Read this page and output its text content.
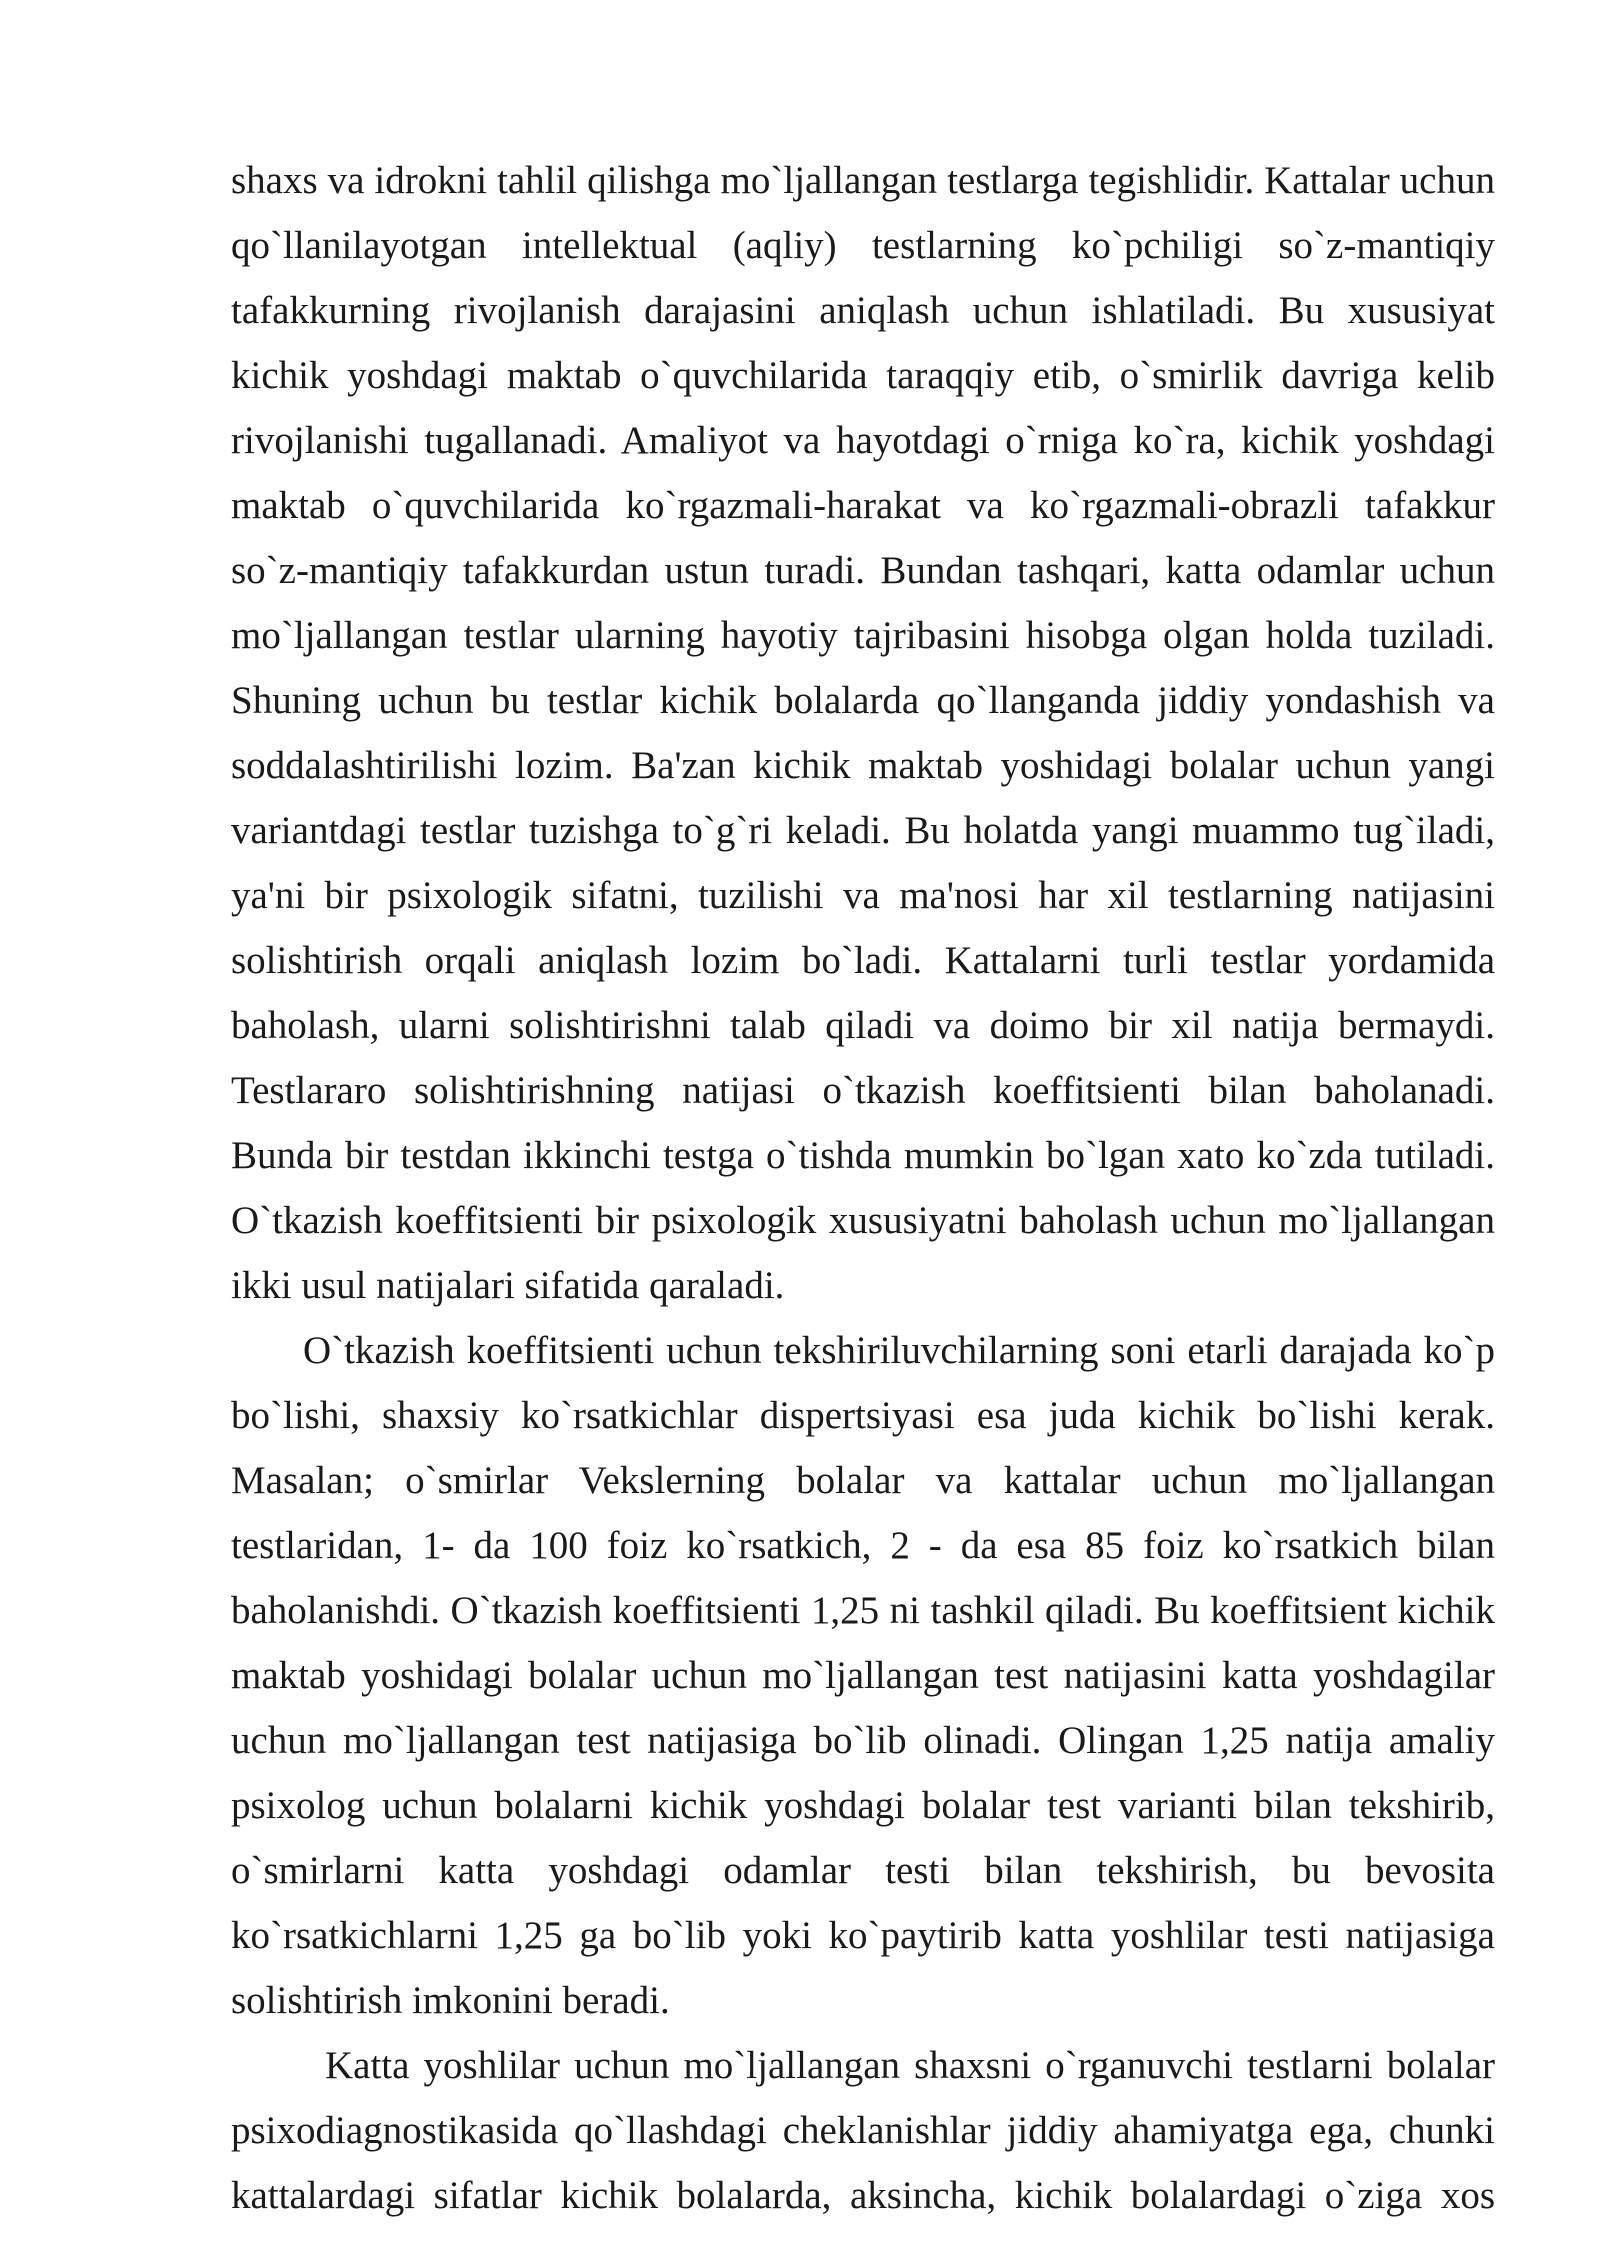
shaxs va idrokni tahlil qilishga mo`ljallangan testlarga tegishlidir. Kattalar uchun qo`llanilayotgan intellektual (aqliy) testlarning ko`pchiligi so`z-mantiqiy tafakkurning rivojlanish darajasini aniqlash uchun ishlatiladi. Bu xususiyat kichik yoshdagi maktab o`quvchilarida taraqqiy etib, o`smirlik davriga kelib rivojlanishi tugallanadi. Amaliyot va hayotdagi o`rniga ko`ra, kichik yoshdagi maktab o`quvchilarida ko`rgazmali-harakat va ko`rgazmali-obrazli tafakkur so`z-mantiqiy tafakkurdan ustun turadi. Bundan tashqari, katta odamlar uchun mo`ljallangan testlar ularning hayotiy tajribasini hisobga olgan holda tuziladi. Shuning uchun bu testlar kichik bolalarda qo`llanganda jiddiy yondashish va soddalashtirilishi lozim. Ba'zan kichik maktab yoshidagi bolalar uchun yangi variantdagi testlar tuzishga to`g`ri keladi. Bu holatda yangi muammo tug`iladi, ya'ni bir psixologik sifatni, tuzilishi va ma'nosi har xil testlarning natijasini solishtirish orqali aniqlash lozim bo`ladi. Kattalarni turli testlar yordamida baholash, ularni solishtirishni talab qiladi va doimo bir xil natija bermaydi. Testlararo solishtirishning natijasi o`tkazish koeffitsienti bilan baholanadi. Bunda bir testdan ikkinchi testga o`tishda mumkin bo`lgan xato ko`zda tutiladi. O`tkazish koeffitsienti bir psixologik xususiyatni baholash uchun mo`ljallangan ikki usul natijalari sifatida qaraladi.

O`tkazish koeffitsienti uchun tekshiriluvchilarning soni etarli darajada ko`p bo`lishi, shaxsiy ko`rsatkichlar dispertsiyasi esa juda kichik bo`lishi kerak. Masalan; o`smirlar Vekslerning bolalar va kattalar uchun mo`ljallangan testlaridan, 1- da 100 foiz ko`rsatkich, 2 - da esa 85 foiz ko`rsatkich bilan baholanishdi. O`tkazish koeffitsienti 1,25 ni tashkil qiladi. Bu koeffitsient kichik maktab yoshidagi bolalar uchun mo`ljallangan test natijasini katta yoshdagilar uchun mo`ljallangan test natijasiga bo`lib olinadi. Olingan 1,25 natija amaliy psixolog uchun bolalarni kichik yoshdagi bolalar test varianti bilan tekshirib, o`smirlarni katta yoshdagi odamlar testi bilan tekshirish, bu bevosita ko`rsatkichlarni 1,25 ga bo`lib yoki ko`paytirib katta yoshlilar testi natijasiga solishtirish imkonini beradi.

Katta yoshlilar uchun mo`ljallangan shaxsni o`rganuvchi testlarni bolalar psixodiagnostikasida qo`llashdagi cheklanishlar jiddiy ahamiyatga ega, chunki kattalardagi sifatlar kichik bolalarda, aksincha, kichik bolalardagi o`ziga xos
